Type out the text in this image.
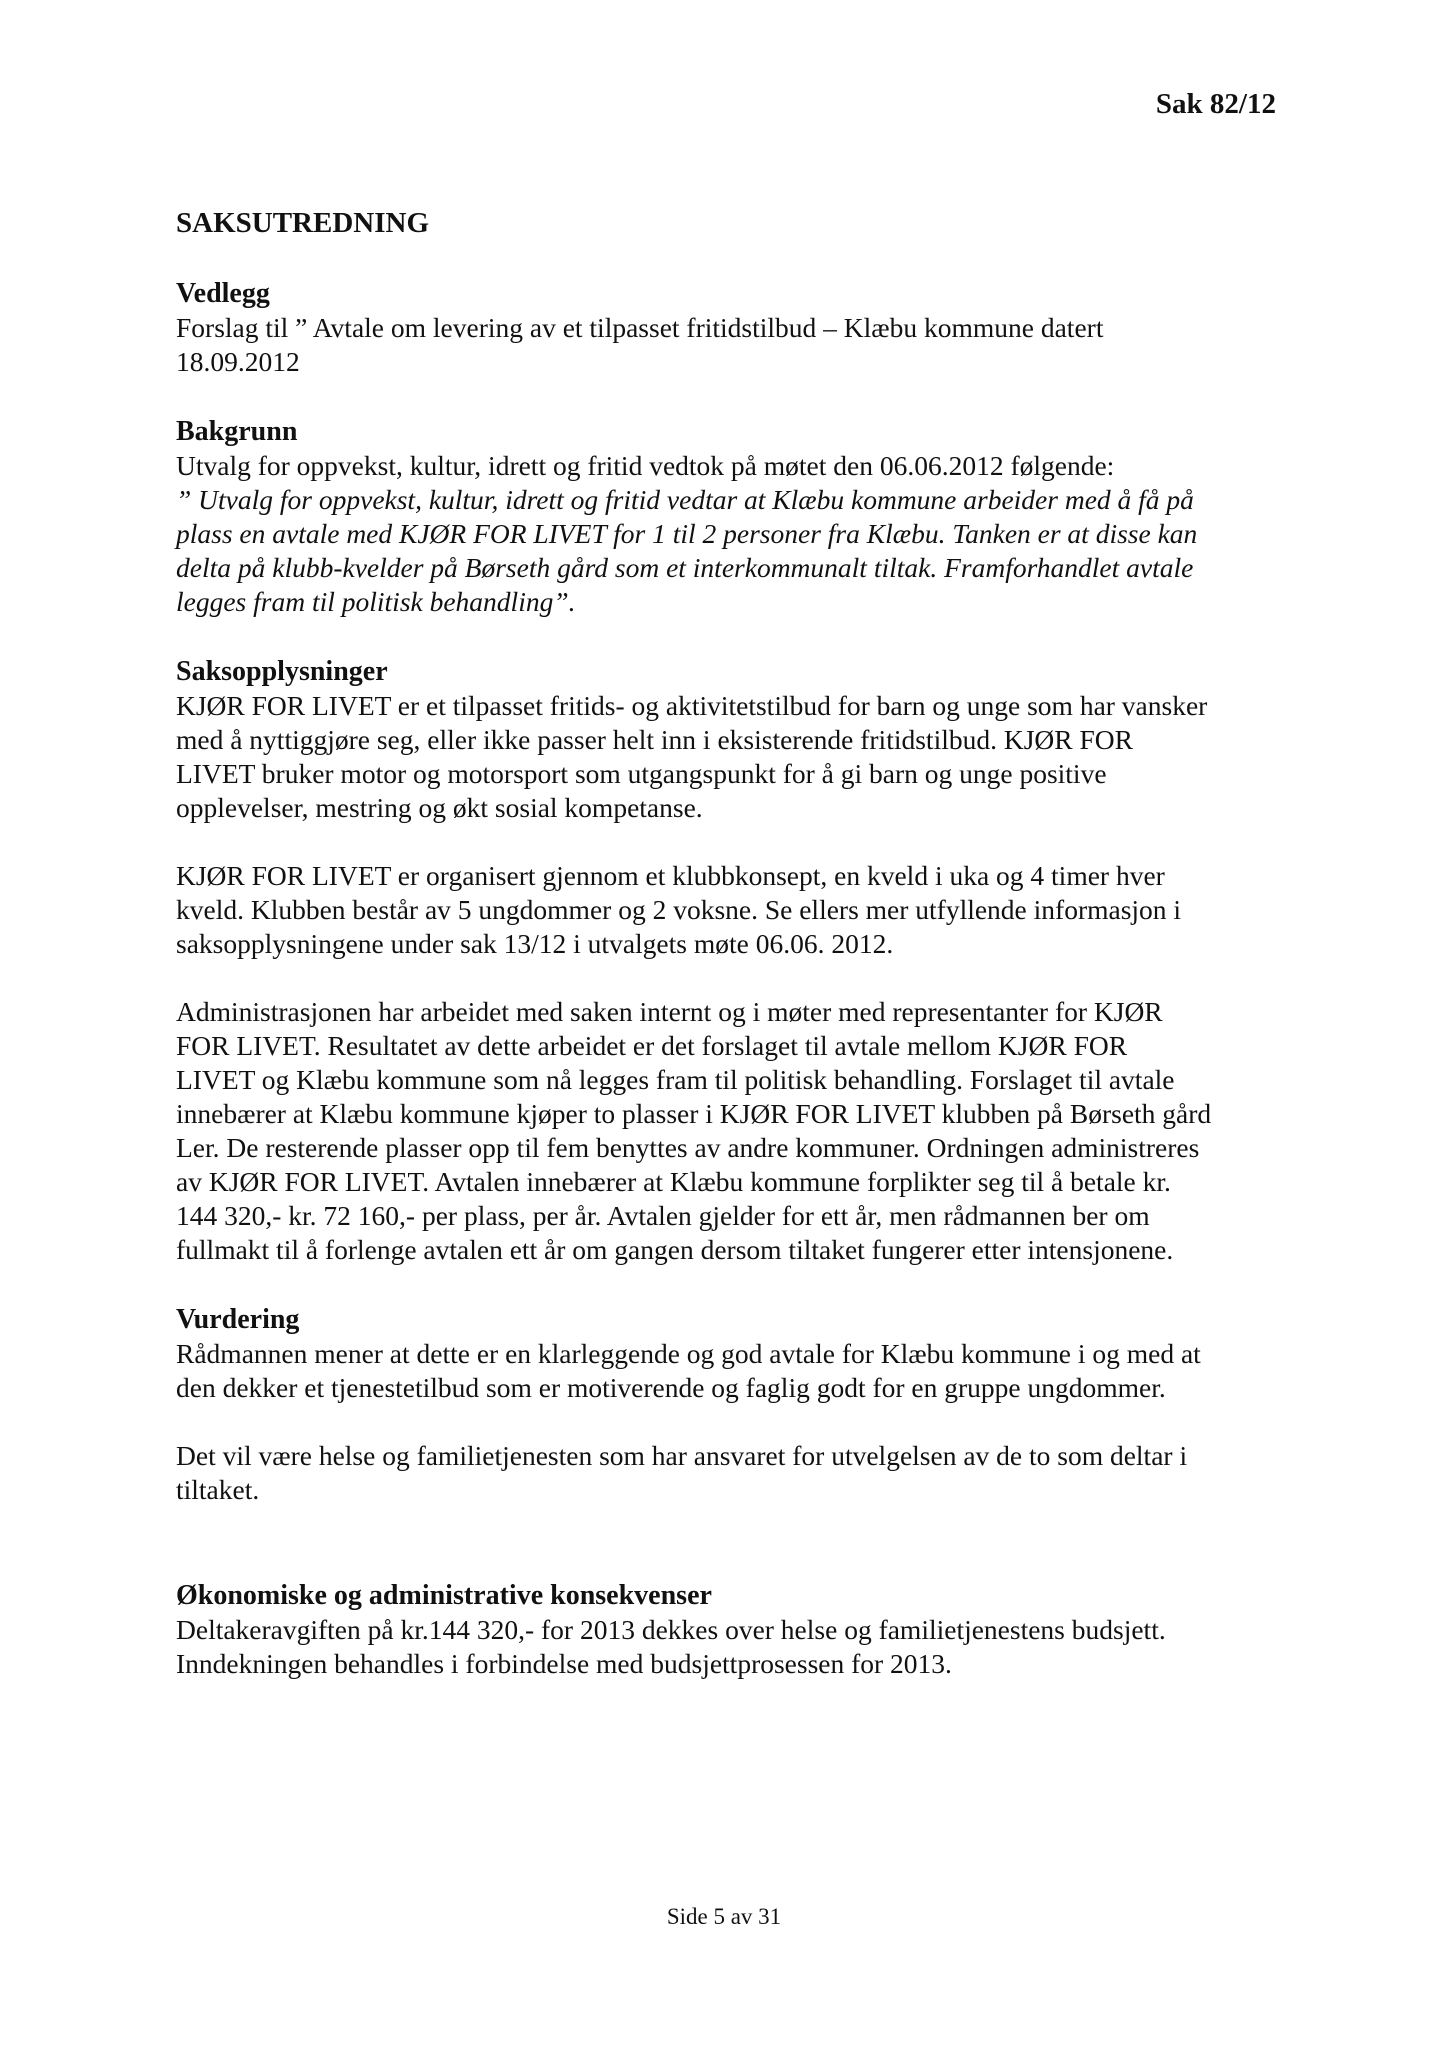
Sak 82/12
SAKSUTREDNING
Vedlegg

Forslag til ” Avtale om levering av et tilpasset fritidstilbud – Klæbu kommune datert
18.09.2012

Bakgrunn

Utvalg for oppvekst, kultur, idrett og fritid vedtok på møtet den 06.06.2012 følgende:

” Utvalg for oppvekst, kultur, idrett og fritid vedtar at Klæbu kommune arbeider med å få på
plass en avtale med KJØR FOR LIVET for 1 til 2 personer fra Klæbu. Tanken er at disse kan
delta på klubb-kvelder på Børseth gård som et interkommunalt tiltak. Framforhandlet avtale
legges fram til politisk behandling”.

Saksopplysninger

KJØR FOR LIVET er et tilpasset fritids- og aktivitetstilbud for barn og unge som har vansker
med å nyttiggjøre seg, eller ikke passer helt inn i eksisterende fritidstilbud. KJØR FOR
LIVET bruker motor og motorsport som utgangspunkt for å gi barn og unge positive
opplevelser, mestring og økt sosial kompetanse.

KJØR FOR LIVET er organisert gjennom et klubbkonsept, en kveld i uka og 4 timer hver
kveld. Klubben består av 5 ungdommer og 2 voksne. Se ellers mer utfyllende informasjon i
saksopplysningene under sak 13/12 i utvalgets møte 06.06. 2012.

Administrasjonen har arbeidet med saken internt og i møter med representanter for KJØR
FOR LIVET. Resultatet av dette arbeidet er det forslaget til avtale mellom KJØR FOR
LIVET og Klæbu kommune som nå legges fram til politisk behandling. Forslaget til avtale
innebærer at Klæbu kommune kjøper to plasser i KJØR FOR LIVET klubben på Børseth gård
Ler. De resterende plasser opp til fem benyttes av andre kommuner. Ordningen administreres
av KJØR FOR LIVET. Avtalen innebærer at Klæbu kommune forplikter seg til å betale kr.
144 320,- kr. 72 160,- per plass, per år. Avtalen gjelder for ett år, men rådmannen ber om
fullmakt til å forlenge avtalen ett år om gangen dersom tiltaket fungerer etter intensjonene.

Vurdering

Rådmannen mener at dette er en klarleggende og god avtale for Klæbu kommune i og med at
den dekker et tjenestetilbud som er motiverende og faglig godt for en gruppe ungdommer.

Det vil være helse og familietjenesten som har ansvaret for utvelgelsen av de to som deltar i
tiltaket.

Økonomiske og administrative konsekvenser

Deltakeravgiften på kr.144 320,- for 2013 dekkes over helse og familietjenestens budsjett.
Inndekningen behandles i forbindelse med budsjettprosessen for 2013.

Side 5 av 31
